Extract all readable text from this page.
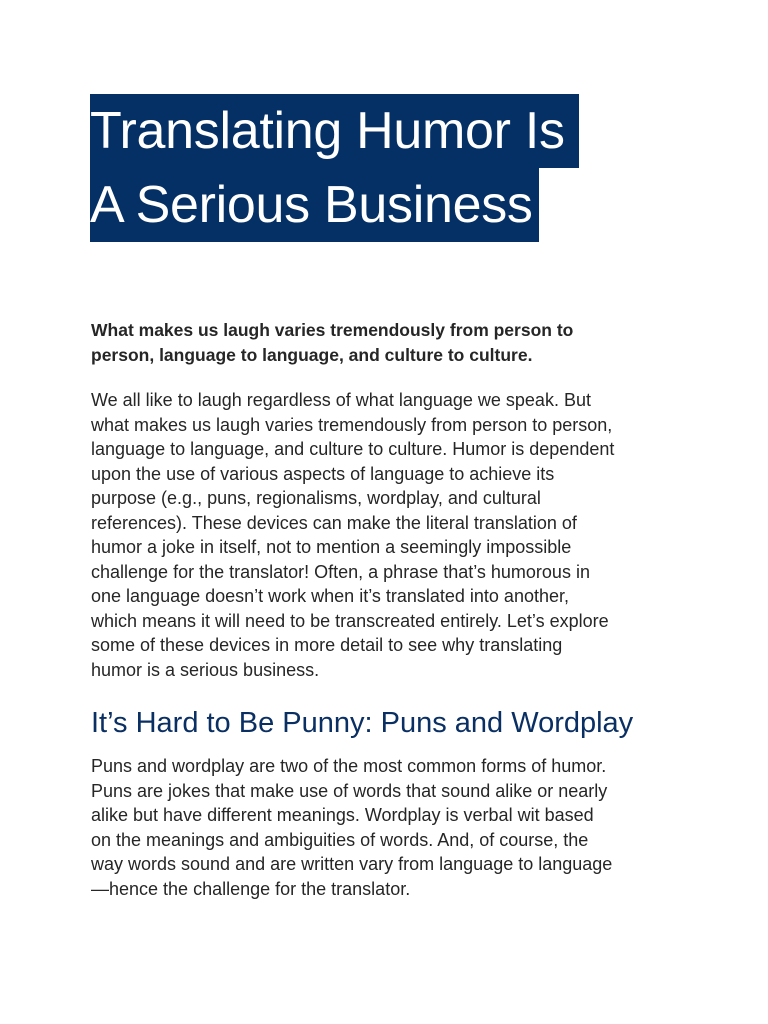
Translating Humor Is
A Serious Business

What makes us laugh varies tremendously from person to
person, language to language, and culture to culture.

We all like to laugh regardless of what language we speak. But
what makes us laugh varies tremendously from person to person,
language to language, and culture to culture. Humor is dependent
upon the use of various aspects of language to achieve its
purpose (e.g., puns, regionalisms, wordplay, and cultural
references). These devices can make the literal translation of
humor a joke in itself, not to mention a seemingly impossible
challenge for the translator! Often, a phrase that’s humorous in
one language doesn’t work when it’s translated into another,
which means it will need to be transcreated entirely. Let’s explore
some of these devices in more detail to see why translating
humor is a serious business.

It’s Hard to Be Punny: Puns and Wordplay

Puns and wordplay are two of the most common forms of humor.
Puns are jokes that make use of words that sound alike or nearly
alike but have different meanings. Wordplay is verbal wit based
on the meanings and ambiguities of words. And, of course, the
way words sound and are written vary from language to language
—hence the challenge for the translator.
